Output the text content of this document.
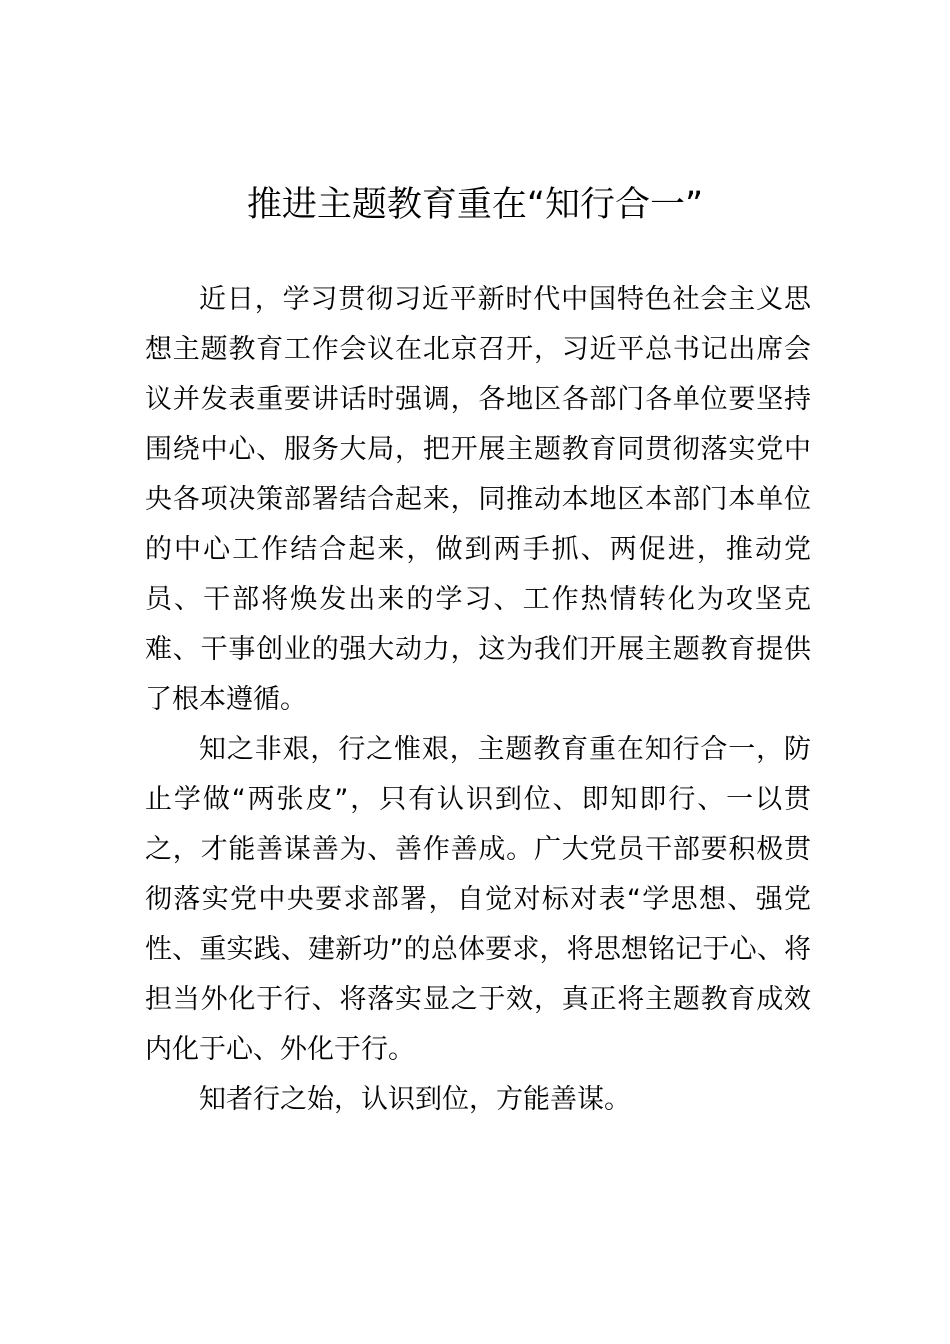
推进主题教育重在“知行合一”

近日，学习贯彻习近平新时代中国特色社会主义思想主题教育工作会议在北京召开，习近平总书记出席会议并发表重要讲话时强调，各地区各部门各单位要坚持围绕中心、服务大局，把开展主题教育同贯彻落实党中央各项决策部署结合起来，同推动本地区本部门本单位的中心工作结合起来，做到两手抓、两促进，推动党员、干部将焕发出来的学习、工作热情转化为攻坚克难、干事创业的强大动力，这为我们开展主题教育提供了根本遵循。

知之非艰，行之惟艰，主题教育重在知行合一，防止学做“两张皮”，只有认识到位、即知即行、一以贯之，才能善谋善为、善作善成。广大党员干部要积极贯彻落实党中央要求部署，自觉对标对表“学思想、强党性、重实践、建新功”的总体要求，将思想铭记于心、将担当外化于行、将落实显之于效，真正将主题教育成效内化于心、外化于行。

知者行之始，认识到位，方能善谋。
